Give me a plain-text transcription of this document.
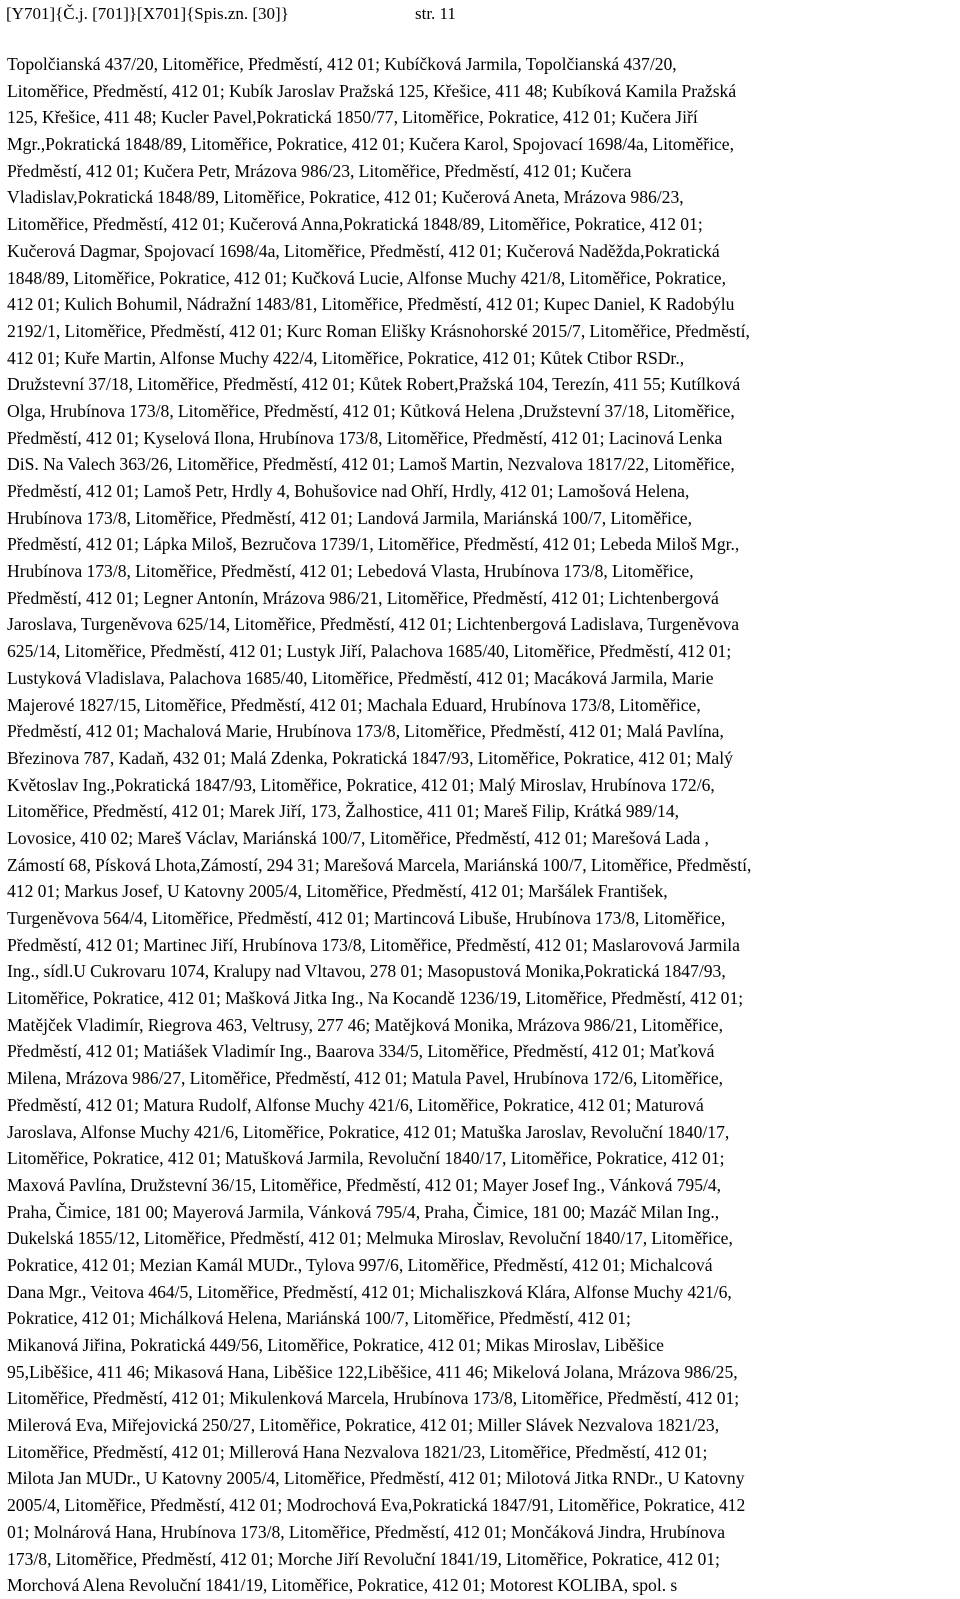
[Y701]{Č.j. [701]}[X701]{Spis.zn. [30]}	str. 11
Topolčianská 437/20, Litoměřice, Předměstí, 412 01; Kubíčková Jarmila, Topolčianská 437/20,
Litoměřice, Předměstí, 412 01; Kubík Jaroslav Pražská 125, Křešice, 411 48; Kubíková Kamila Pražská
125, Křešice, 411 48; Kucler Pavel,Pokratická 1850/77, Litoměřice, Pokratice, 412 01; Kučera Jiří
Mgr.,Pokratická 1848/89, Litoměřice, Pokratice, 412 01; Kučera Karol, Spojovací 1698/4a, Litoměřice,
Předměstí, 412 01; Kučera Petr, Mrázova 986/23, Litoměřice, Předměstí, 412 01; Kučera
Vladislav,Pokratická 1848/89, Litoměřice, Pokratice, 412 01; Kučerová Aneta, Mrázova 986/23,
Litoměřice, Předměstí, 412 01; Kučerová Anna,Pokratická 1848/89, Litoměřice, Pokratice, 412 01;
Kučerová Dagmar, Spojovací 1698/4a, Litoměřice, Předměstí, 412 01; Kučerová Naděžda,Pokratická
1848/89, Litoměřice, Pokratice, 412 01; Kučková Lucie, Alfonse Muchy 421/8, Litoměřice, Pokratice,
412 01; Kulich Bohumil, Nádražní 1483/81, Litoměřice, Předměstí, 412 01; Kupec Daniel, K Radobýlu
2192/1, Litoměřice, Předměstí, 412 01; Kurc Roman Elišky Krásnohorské 2015/7, Litoměřice, Předměstí,
412 01; Kuře Martin, Alfonse Muchy 422/4, Litoměřice, Pokratice, 412 01; Kůtek Ctibor RSDr.,
Družstevní 37/18, Litoměřice, Předměstí, 412 01; Kůtek Robert,Pražská 104, Terezín, 411 55; Kutílková
Olga, Hrubínova 173/8, Litoměřice, Předměstí, 412 01; Kůtková Helena ,Družstevní 37/18, Litoměřice,
Předměstí, 412 01; Kyselová Ilona, Hrubínova 173/8, Litoměřice, Předměstí, 412 01; Lacinová Lenka
DiS. Na Valech 363/26, Litoměřice, Předměstí, 412 01; Lamoš Martin, Nezvalova 1817/22, Litoměřice,
Předměstí, 412 01; Lamoš Petr, Hrdly 4, Bohušovice nad Ohří, Hrdly, 412 01; Lamošová Helena,
Hrubínova 173/8, Litoměřice, Předměstí, 412 01; Landová Jarmila, Mariánská 100/7, Litoměřice,
Předměstí, 412 01; Lápka Miloš, Bezručova 1739/1, Litoměřice, Předměstí, 412 01; Lebeda Miloš Mgr.,
Hrubínova 173/8, Litoměřice, Předměstí, 412 01; Lebedová Vlasta, Hrubínova 173/8, Litoměřice,
Předměstí, 412 01; Legner Antonín, Mrázova 986/21, Litoměřice, Předměstí, 412 01; Lichtenbergová
Jaroslava, Turgeněvova 625/14, Litoměřice, Předměstí, 412 01; Lichtenbergová Ladislava, Turgeněvova
625/14, Litoměřice, Předměstí, 412 01; Lustyk Jiří, Palachova 1685/40, Litoměřice, Předměstí, 412 01;
Lustyková Vladislava, Palachova 1685/40, Litoměřice, Předměstí, 412 01; Macáková Jarmila, Marie
Majerové 1827/15, Litoměřice, Předměstí, 412 01; Machala Eduard, Hrubínova 173/8, Litoměřice,
Předměstí, 412 01; Machalová Marie, Hrubínova 173/8, Litoměřice, Předměstí, 412 01; Malá Pavlína,
Březinova 787, Kadaň, 432 01; Malá Zdenka, Pokratická 1847/93, Litoměřice, Pokratice, 412 01; Malý
Květoslav Ing.,Pokratická 1847/93, Litoměřice, Pokratice, 412 01; Malý Miroslav, Hrubínova 172/6,
Litoměřice, Předměstí, 412 01; Marek Jiří, 173, Žalhostice, 411 01; Mareš Filip, Krátká 989/14,
Lovosice, 410 02; Mareš Václav, Mariánská 100/7, Litoměřice, Předměstí, 412 01; Marešová Lada ,
Zámostí 68, Písková Lhota,Zámostí, 294 31; Marešová Marcela, Mariánská 100/7, Litoměřice, Předměstí,
412 01; Markus Josef, U Katovny 2005/4, Litoměřice, Předměstí, 412 01; Maršálek František,
Turgeněvova 564/4, Litoměřice, Předměstí, 412 01; Martincová Libuše, Hrubínova 173/8, Litoměřice,
Předměstí, 412 01; Martinec Jiří, Hrubínova 173/8, Litoměřice, Předměstí, 412 01; Maslarovová Jarmila
Ing., sídl.U Cukrovaru 1074, Kralupy nad Vltavou, 278 01; Masopustová Monika,Pokratická 1847/93,
Litoměřice, Pokratice, 412 01; Mašková Jitka Ing., Na Kocandě 1236/19, Litoměřice, Předměstí, 412 01;
Matějček Vladimír, Riegrova 463, Veltrusy, 277 46; Matějková Monika, Mrázova 986/21, Litoměřice,
Předměstí, 412 01; Matiášek Vladimír Ing., Baarova 334/5, Litoměřice, Předměstí, 412 01; Maťková
Milena, Mrázova 986/27, Litoměřice, Předměstí, 412 01; Matula Pavel, Hrubínova 172/6, Litoměřice,
Předměstí, 412 01; Matura Rudolf, Alfonse Muchy 421/6, Litoměřice, Pokratice, 412 01; Maturová
Jaroslava, Alfonse Muchy 421/6, Litoměřice, Pokratice, 412 01; Matuška Jaroslav, Revoluční 1840/17,
Litoměřice, Pokratice, 412 01; Matušková Jarmila, Revoluční 1840/17, Litoměřice, Pokratice, 412 01;
Maxová Pavlína, Družstevní 36/15, Litoměřice, Předměstí, 412 01; Mayer Josef Ing., Vánková 795/4,
Praha, Čimice, 181 00; Mayerová Jarmila, Vánková 795/4, Praha, Čimice, 181 00; Mazáč Milan Ing.,
Dukelská 1855/12, Litoměřice, Předměstí, 412 01; Melmuka Miroslav, Revoluční 1840/17, Litoměřice,
Pokratice, 412 01; Mezian Kamál MUDr., Tylova 997/6, Litoměřice, Předměstí, 412 01; Michalcová
Dana Mgr., Veitova 464/5, Litoměřice, Předměstí, 412 01; Michaliszková Klára, Alfonse Muchy 421/6,
Pokratice, 412 01; Michálková Helena, Mariánská 100/7, Litoměřice, Předměstí, 412 01;
Mikanová Jiřina, Pokratická 449/56, Litoměřice, Pokratice, 412 01; Mikas Miroslav, Liběšice
95,Liběšice, 411 46; Mikasová Hana, Liběšice 122,Liběšice, 411 46; Mikelová Jolana, Mrázova 986/25,
Litoměřice, Předměstí, 412 01; Mikulenková Marcela, Hrubínova 173/8, Litoměřice, Předměstí, 412 01;
Milerová Eva, Miřejovická 250/27, Litoměřice, Pokratice, 412 01; Miller Slávek Nezvalova 1821/23,
Litoměřice, Předměstí, 412 01; Millerová Hana Nezvalova 1821/23, Litoměřice, Předměstí, 412 01;
Milota Jan MUDr., U Katovny 2005/4, Litoměřice, Předměstí, 412 01; Milotová Jitka RNDr., U Katovny
2005/4, Litoměřice, Předměstí, 412 01; Modrochová Eva,Pokratická 1847/91, Litoměřice, Pokratice, 412
01; Molnárová Hana, Hrubínova 173/8, Litoměřice, Předměstí, 412 01; Mončáková Jindra, Hrubínova
173/8, Litoměřice, Předměstí, 412 01; Morche Jiří Revoluční 1841/19, Litoměřice, Pokratice, 412 01;
Morchová Alena Revoluční 1841/19, Litoměřice, Pokratice, 412 01; Motorest KOLIBA, spol. s
